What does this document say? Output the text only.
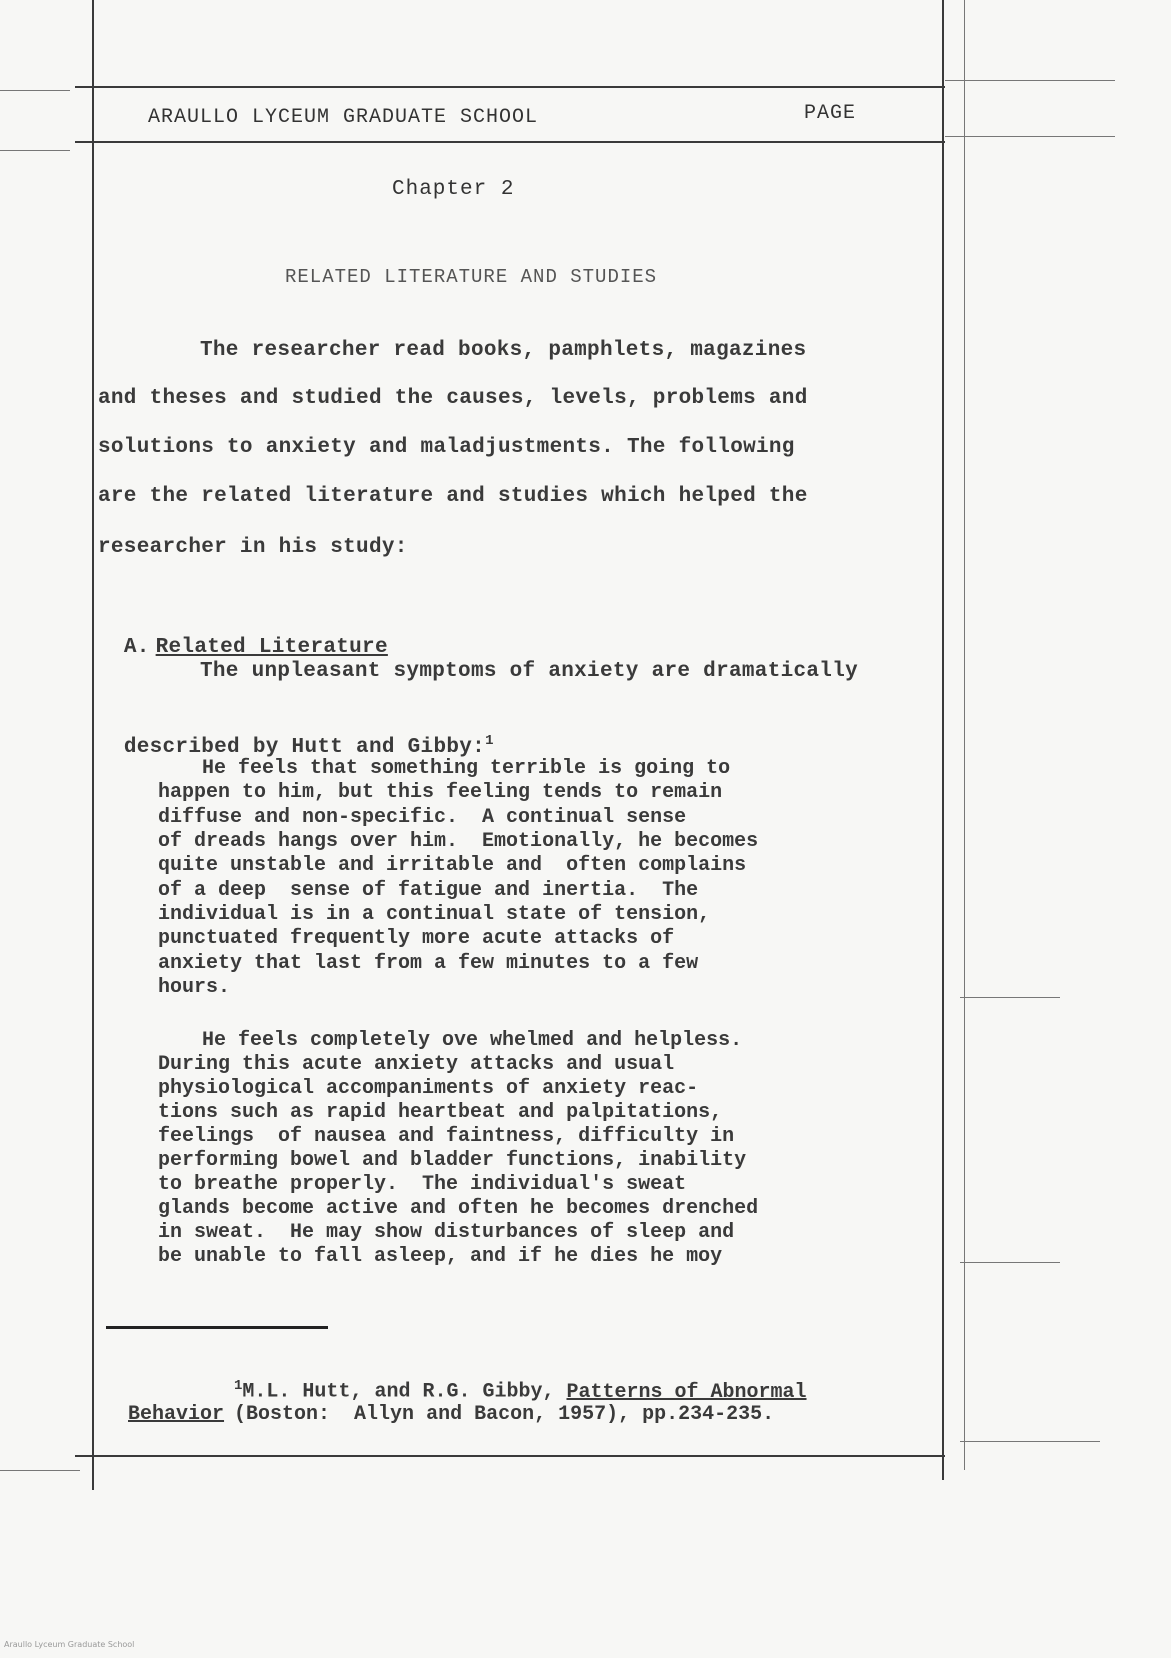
ARAULLO LYCEUM GRADUATE SCHOOL	PAGE
Chapter 2
RELATED LITERATURE AND STUDIES
The researcher read books, pamphlets, magazines
and theses and studied the causes, levels, problems and
solutions to anxiety and maladjustments. The following
are the related literature and studies which helped the
researcher in his study:

A. Related Literature

The unpleasant symptoms of anxiety are dramatically

described by Hutt and Gibby:$^1$

He feels that something terrible is going to
happen to him, but this feeling tends to remain
diffuse and non-specific.  A continual sense
of dreads hangs over him.  Emotionally, he becomes
quite unstable and irritable and  often complains
of a deep  sense of fatigue and inertia.  The
individual is in a continual state of tension,
punctuated frequently more acute attacks of
anxiety that last from a few minutes to a few
hours.
He feels completely ove whelmed and helpless.
During this acute anxiety attacks and usual
physiological accompaniments of anxiety reac-
tions such as rapid heartbeat and palpitations,
feelings  of nausea and faintness, difficulty in
performing bowel and bladder functions, inability
to breathe properly.  The individual's sweat
glands become active and often he becomes drenched
in sweat.  He may show disturbances of sleep and
be unable to fall asleep, and if he dies he moy

$^1$M.L. Hutt, and R.G. Gibby, Patterns of Abnormal

Behavior (Boston:  Allyn and Bacon, 1957), pp.234-235.

Araullo Lyceum Graduate School
